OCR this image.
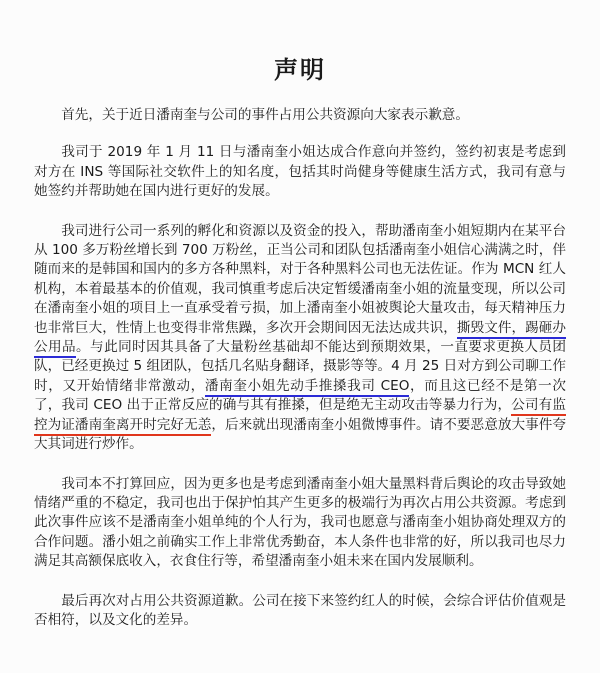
声明

首先，关于近日潘南奎与公司的事件占用公共资源向大家表示歉意。

我司于 2019 年 1 月 11 日与潘南奎小姐达成合作意向并签约，签约初衷是考虑到对方在 INS 等国际社交软件上的知名度，包括其时尚健身等健康生活方式，我司有意与她签约并帮助她在国内进行更好的发展。

我司进行公司一系列的孵化和资源以及资金的投入，帮助潘南奎小姐短期内在某平台从 100 多万粉丝增长到 700 万粉丝，正当公司和团队包括潘南奎小姐信心满满之时，伴随而来的是韩国和国内的多方各种黑料，对于各种黑料公司也无法佐证。作为 MCN 红人机构，本着最基本的价值观，我司慎重考虑后决定暂缓潘南奎小姐的流量变现，所以公司在潘南奎小姐的项目上一直承受着亏损，加上潘南奎小姐被舆论大量攻击，每天精神压力也非常巨大，性情上也变得非常焦躁，多次开会期间因无法达成共识，撕毁文件，踢砸办公用品。与此同时因其具备了大量粉丝基础却不能达到预期效果，一直要求更换人员团队，已经更换过 5 组团队，包括几名贴身翻译，摄影等等。4 月 25 日对方到公司聊工作时，又开始情绪非常激动，潘南奎小姐先动手推搡我司 CEO，而且这已经不是第一次了，我司 CEO 出于正常反应的确与其有推搡，但是绝无主动攻击等暴力行为，公司有监控为证潘南奎离开时完好无恙，后来就出现潘南奎小姐微博事件。请不要恶意放大事件夸大其词进行炒作。

我司本不打算回应，因为更多也是考虑到潘南奎小姐大量黑料背后舆论的攻击导致她情绪严重的不稳定，我司也出于保护怕其产生更多的极端行为再次占用公共资源。考虑到此次事件应该不是潘南奎小姐单纯的个人行为，我司也愿意与潘南奎小姐协商处理双方的合作问题。潘小姐之前确实工作上非常优秀勤奋，本人条件也非常的好，所以我司也尽力满足其高额保底收入，衣食住行等，希望潘南奎小姐未来在国内发展顺利。

最后再次对占用公共资源道歉。公司在接下来签约红人的时候，会综合评估价值观是否相符，以及文化的差异。
